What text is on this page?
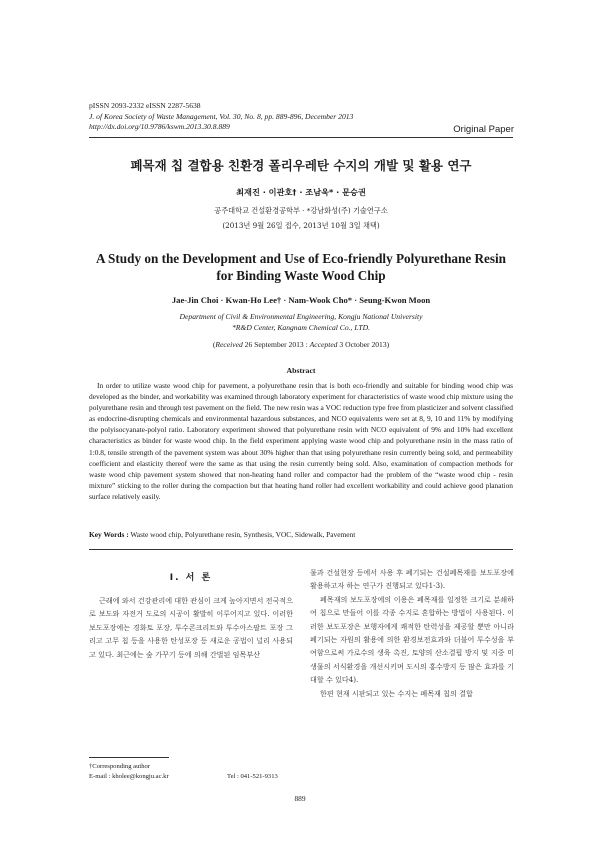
pISSN 2093-2332 eISSN 2287-5638
J. of Korea Society of Waste Management, Vol. 30, No. 8, pp. 889-896, December 2013
http://dx.doi.org/10.9786/kswm.2013.30.8.889	Original Paper
폐목재 칩 결합용 친환경 폴리우레탄 수지의 개발 및 활용 연구
최재진 · 이관호† · 조남욱* · 문승권
공주대학교 건설환경공학부 · *강남화성(주) 기술연구소
(2013년 9월 26일 접수, 2013년 10월 3일 채택)
A Study on the Development and Use of Eco-friendly Polyurethane Resin
for Binding Waste Wood Chip
Jae-Jin Choi · Kwan-Ho Lee† · Nam-Wook Cho* · Seung-Kwon Moon
Department of Civil & Environmental Engineering, Kongju National University
*R&D Center, Kangnam Chemical Co., LTD.
(Received 26 September 2013 : Accepted 3 October 2013)
Abstract
In order to utilize waste wood chip for pavement, a polyurethane resin that is both eco-friendly and suitable for binding wood chip was developed as the binder, and workability was examined through laboratory experiment for characteristics of waste wood chip mixture using the polyurethane resin and through test pavement on the field. The new resin was a VOC reduction type free from plasticizer and solvent classified as endocrine-disrupting chemicals and environmental hazardous substances, and NCO equivalents were set at 8, 9, 10 and 11% by modifying the polyisocyanate-polyol ratio. Laboratory experiment showed that polyurethane resin with NCO equivalent of 9% and 10% had excellent characteristics as binder for waste wood chip. In the field experiment applying waste wood chip and polyurethane resin in the mass ratio of 1:0.8, tensile strength of the pavement system was about 30% higher than that using polyurethane resin currently being sold, and permeability coefficient and elasticity thereof were the same as that using the resin currently being sold. Also, examination of compaction methods for waste wood chip pavement system showed that non-heating hand roller and compactor had the problem of the “waste wood chip - resin mixture” sticking to the roller during the compaction but that heating hand roller had excellent workability and could achieve good planation surface relatively easily.
Key Words : Waste wood chip, Polyurethane resin, Synthesis, VOC, Sidewalk, Pavement
I. 서 론

근래에 와서 건강관리에 대한 관심이 크게 높아지면서 전국적으로 보도와 자전거 도로의 시공이 활발히 이루어지고 있다. 이러한 보도포장에는 경화토 포장, 투수콘크리트와 투수아스팔트 포장 그리고 고무 칩 등을 사용한 탄성포장 등 새로운 공법이 널리 사용되고 있다. 최근에는 숲 가꾸기 등에 의해 간벌된 임목부산

물과 건설현장 등에서 사용 후 폐기되는 건설폐목재를 보도포장에 활용하고자 하는 연구가 진행되고 있다1-3).

폐목재의 보도포장에의 이용은 폐목재를 일정한 크기로 분쇄하여 칩으로 만들어 이를 각종 수지로 혼합하는 방법이 사용된다. 이러한 보도포장은 보행자에게 쾌적한 탄력성을 제공할 뿐만 아니라 폐기되는 자원의 활용에 의한 환경보전효과와 더불어 투수성을 부여함으로써 가로수의 생육 촉진, 토양의 산소결핍 방지 및 지중 미생물의 서식환경을 개선시키며 도시의 홍수방지 등 많은 효과를 기대할 수 있다4).

한편 현재 시판되고 있는 수지는 폐목재 칩의 결합

†Corresponding author
E-mail : kholee@kongju.ac.kr	Tel : 041-521-9313
889
